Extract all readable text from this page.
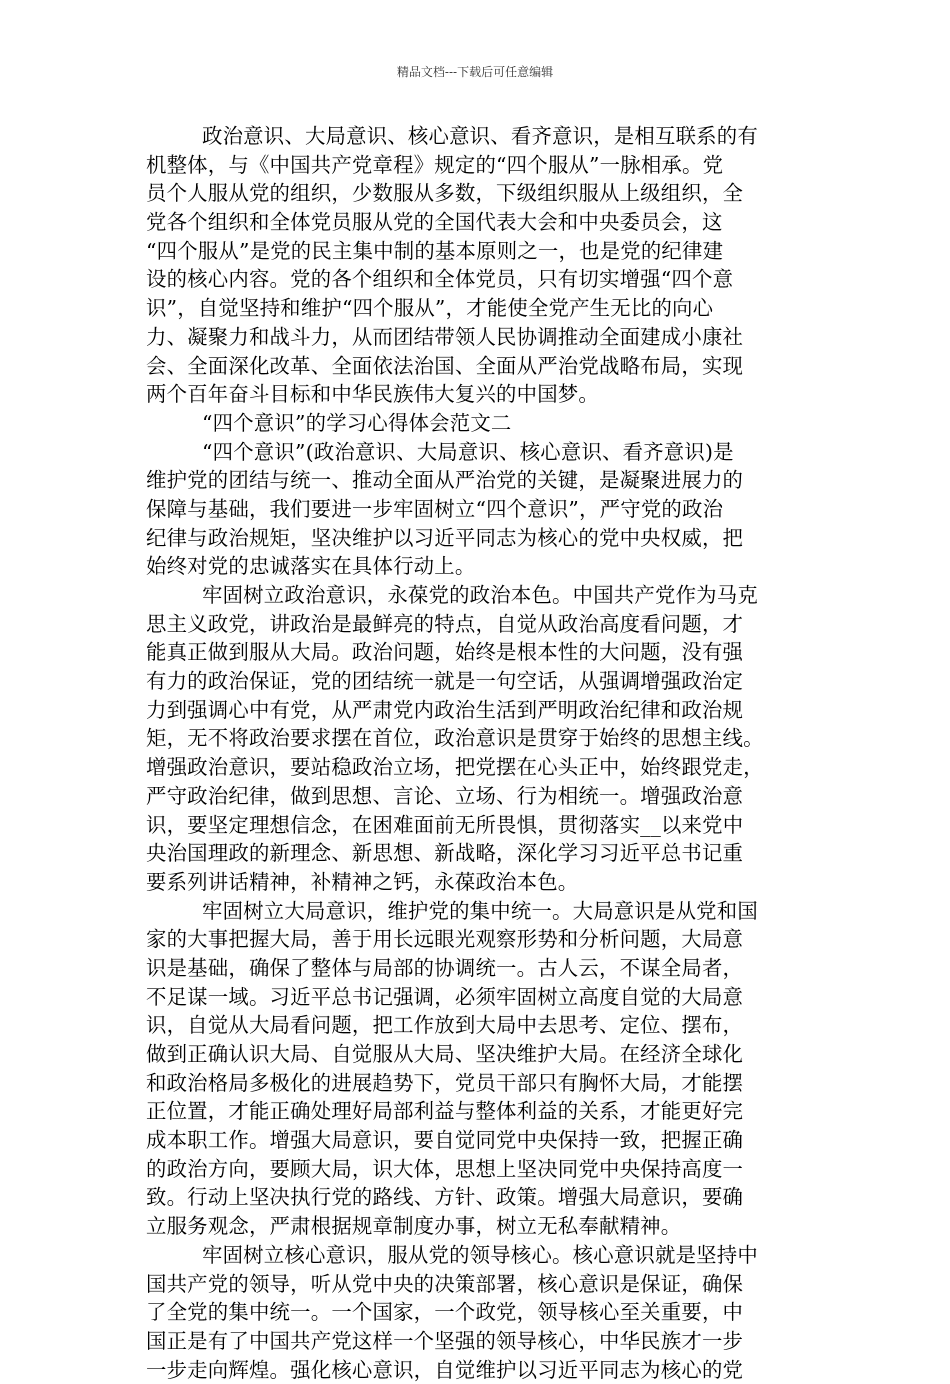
精品文档---下载后可任意编辑
政治意识、大局意识、核心意识、看齐意识，是相互联系的有
机整体，与《中国共产党章程》规定的“四个服从”一脉相承。党
员个人服从党的组织，少数服从多数，下级组织服从上级组织，全
党各个组织和全体党员服从党的全国代表大会和中央委员会，这
“四个服从”是党的民主集中制的基本原则之一，也是党的纪律建
设的核心内容。党的各个组织和全体党员，只有切实增强“四个意
识”，自觉坚持和维护“四个服从”，才能使全党产生无比的向心
力、凝聚力和战斗力，从而团结带领人民协调推动全面建成小康社
会、全面深化改革、全面依法治国、全面从严治党战略布局，实现
两个百年奋斗目标和中华民族伟大复兴的中国梦。
“四个意识”的学习心得体会范文二
“四个意识”(政治意识、大局意识、核心意识、看齐意识)是
维护党的团结与统一、推动全面从严治党的关键，是凝聚进展力的
保障与基础，我们要进一步牢固树立“四个意识”，严守党的政治
纪律与政治规矩，坚决维护以习近平同志为核心的党中央权威，把
始终对党的忠诚落实在具体行动上。
牢固树立政治意识，永葆党的政治本色。中国共产党作为马克
思主义政党，讲政治是最鲜亮的特点，自觉从政治高度看问题，才
能真正做到服从大局。政治问题，始终是根本性的大问题，没有强
有力的政治保证，党的团结统一就是一句空话，从强调增强政治定
力到强调心中有党，从严肃党内政治生活到严明政治纪律和政治规
矩，无不将政治要求摆在首位，政治意识是贯穿于始终的思想主线。
增强政治意识，要站稳政治立场，把党摆在心头正中，始终跟党走，
严守政治纪律，做到思想、言论、立场、行为相统一。增强政治意
识，要坚定理想信念，在困难面前无所畏惧，贯彻落实__以来党中
央治国理政的新理念、新思想、新战略，深化学习习近平总书记重
要系列讲话精神，补精神之钙，永葆政治本色。
牢固树立大局意识，维护党的集中统一。大局意识是从党和国
家的大事把握大局，善于用长远眼光观察形势和分析问题，大局意
识是基础，确保了整体与局部的协调统一。古人云，不谋全局者，
不足谋一域。习近平总书记强调，必须牢固树立高度自觉的大局意
识，自觉从大局看问题，把工作放到大局中去思考、定位、摆布，
做到正确认识大局、自觉服从大局、坚决维护大局。在经济全球化
和政治格局多极化的进展趋势下，党员干部只有胸怀大局，才能摆
正位置，才能正确处理好局部利益与整体利益的关系，才能更好完
成本职工作。增强大局意识，要自觉同党中央保持一致，把握正确
的政治方向，要顾大局，识大体，思想上坚决同党中央保持高度一
致。行动上坚决执行党的路线、方针、政策。增强大局意识，要确
立服务观念，严肃根据规章制度办事，树立无私奉献精神。
牢固树立核心意识，服从党的领导核心。核心意识就是坚持中
国共产党的领导，听从党中央的决策部署，核心意识是保证，确保
了全党的集中统一。一个国家，一个政党，领导核心至关重要，中
国正是有了中国共产党这样一个坚强的领导核心，中华民族才一步
一步走向辉煌。强化核心意识，自觉维护以习近平同志为核心的党
